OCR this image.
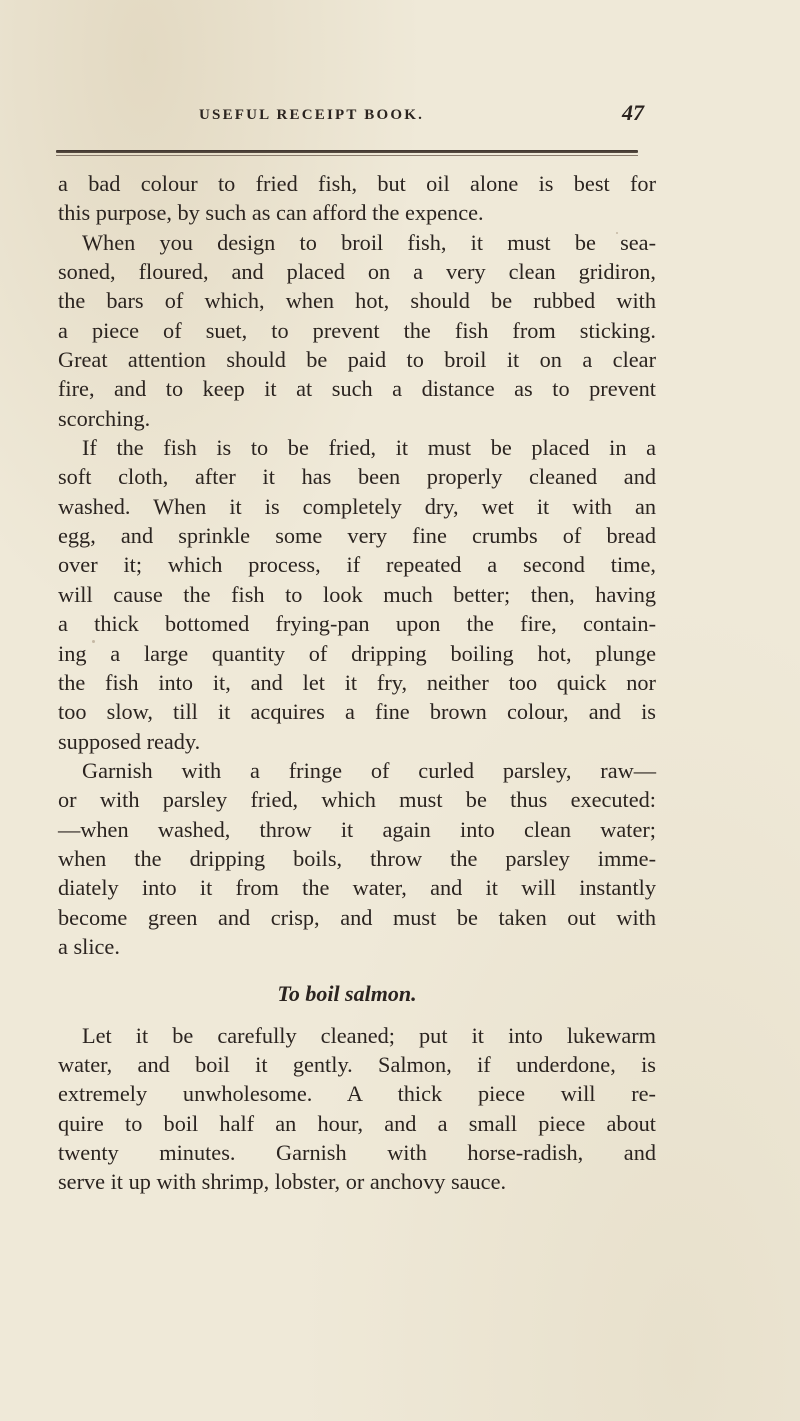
USEFUL RECEIPT BOOK.	47
a bad colour to fried fish, but oil alone is best for
this purpose, by such as can afford the expence.
When you design to broil fish, it must be sea-
soned, floured, and placed on a very clean gridiron,
the bars of which, when hot, should be rubbed with
a piece of suet, to prevent the fish from sticking.
Great attention should be paid to broil it on a clear
fire, and to keep it at such a distance as to prevent
scorching.
If the fish is to be fried, it must be placed in a
soft cloth, after it has been properly cleaned and
washed. When it is completely dry, wet it with an
egg, and sprinkle some very fine crumbs of bread
over it; which process, if repeated a second time,
will cause the fish to look much better; then, having
a thick bottomed frying-pan upon the fire, contain-
ing a large quantity of dripping boiling hot, plunge
the fish into it, and let it fry, neither too quick nor
too slow, till it acquires a fine brown colour, and is
supposed ready.
Garnish with a fringe of curled parsley, raw—
or with parsley fried, which must be thus executed:
—when washed, throw it again into clean water;
when the dripping boils, throw the parsley imme-
diately into it from the water, and it will instantly
become green and crisp, and must be taken out with
a slice.
To boil salmon.
Let it be carefully cleaned; put it into lukewarm
water, and boil it gently. Salmon, if underdone, is
extremely unwholesome. A thick piece will re-
quire to boil half an hour, and a small piece about
twenty minutes. Garnish with horse-radish, and
serve it up with shrimp, lobster, or anchovy sauce.
